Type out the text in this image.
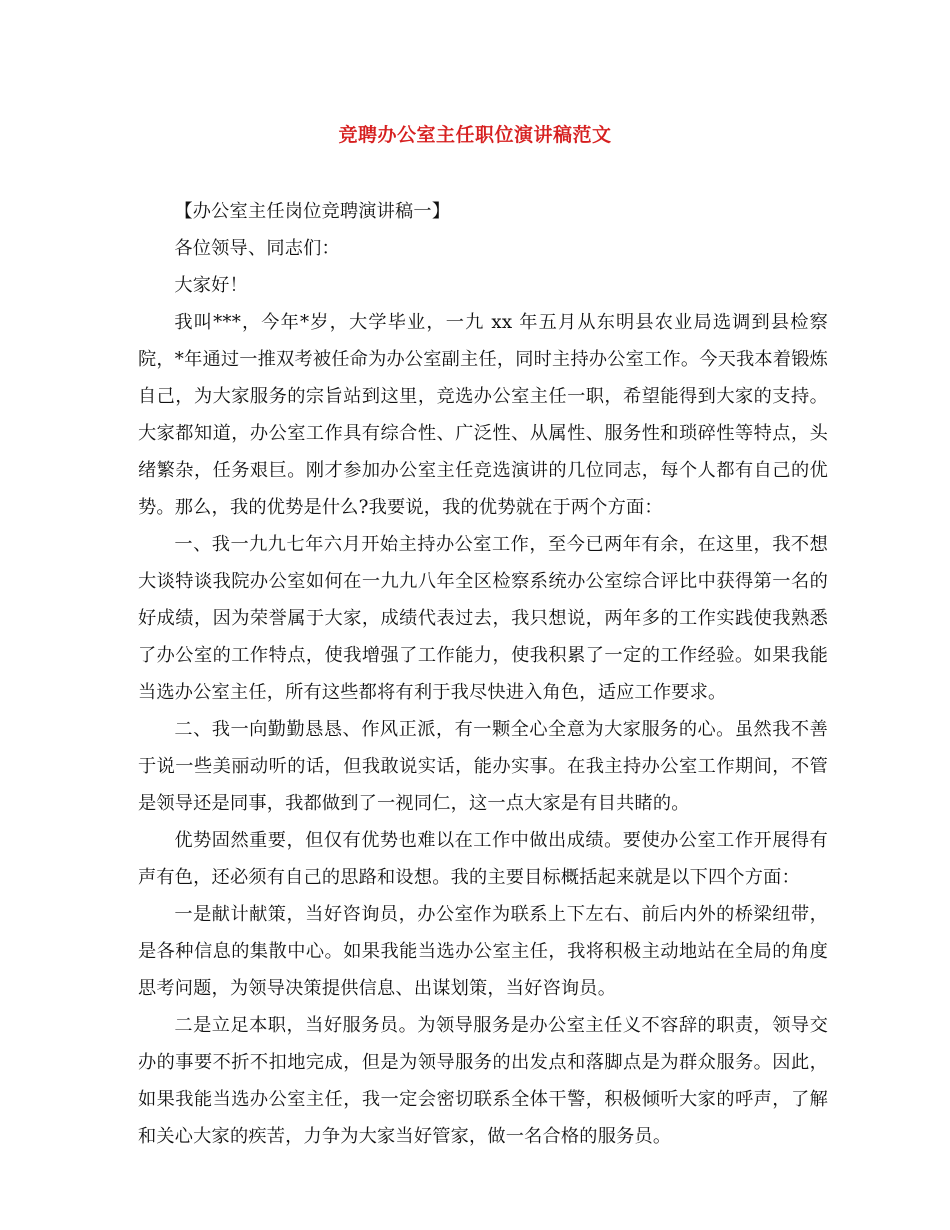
竞聘办公室主任职位演讲稿范文

【办公室主任岗位竞聘演讲稿一】

各位领导、同志们：

大家好！

我叫***，今年*岁，大学毕业，一九 xx 年五月从东明县农业局选调到县检察院，*年通过一推双考被任命为办公室副主任，同时主持办公室工作。今天我本着锻炼自己，为大家服务的宗旨站到这里，竞选办公室主任一职，希望能得到大家的支持。 大家都知道，办公室工作具有综合性、广泛性、从属性、服务性和琐碎性等特点，头绪繁杂，任务艰巨。刚才参加办公室主任竞选演讲的几位同志，每个人都有自己的优势。那么，我的优势是什么?我要说，我的优势就在于两个方面：

一、我一九九七年六月开始主持办公室工作，至今已两年有余，在这里，我不想大谈特谈我院办公室如何在一九九八年全区检察系统办公室综合评比中获得第一名的好成绩，因为荣誉属于大家，成绩代表过去，我只想说，两年多的工作实践使我熟悉了办公室的工作特点，使我增强了工作能力，使我积累了一定的工作经验。如果我能当选办公室主任，所有这些都将有利于我尽快进入角色，适应工作要求。

二、我一向勤勤恳恳、作风正派，有一颗全心全意为大家服务的心。虽然我不善于说一些美丽动听的话，但我敢说实话，能办实事。在我主持办公室工作期间，不管是领导还是同事，我都做到了一视同仁，这一点大家是有目共睹的。

优势固然重要，但仅有优势也难以在工作中做出成绩。要使办公室工作开展得有声有色，还必须有自己的思路和设想。我的主要目标概括起来就是以下四个方面：

一是献计献策，当好咨询员，办公室作为联系上下左右、前后内外的桥梁纽带，是各种信息的集散中心。如果我能当选办公室主任，我将积极主动地站在全局的角度思考问题，为领导决策提供信息、出谋划策，当好咨询员。

二是立足本职，当好服务员。为领导服务是办公室主任义不容辞的职责，领导交办的事要不折不扣地完成，但是为领导服务的出发点和落脚点是为群众服务。因此，如果我能当选办公室主任，我一定会密切联系全体干警，积极倾听大家的呼声，了解和关心大家的疾苦，力争为大家当好管家，做一名合格的服务员。
